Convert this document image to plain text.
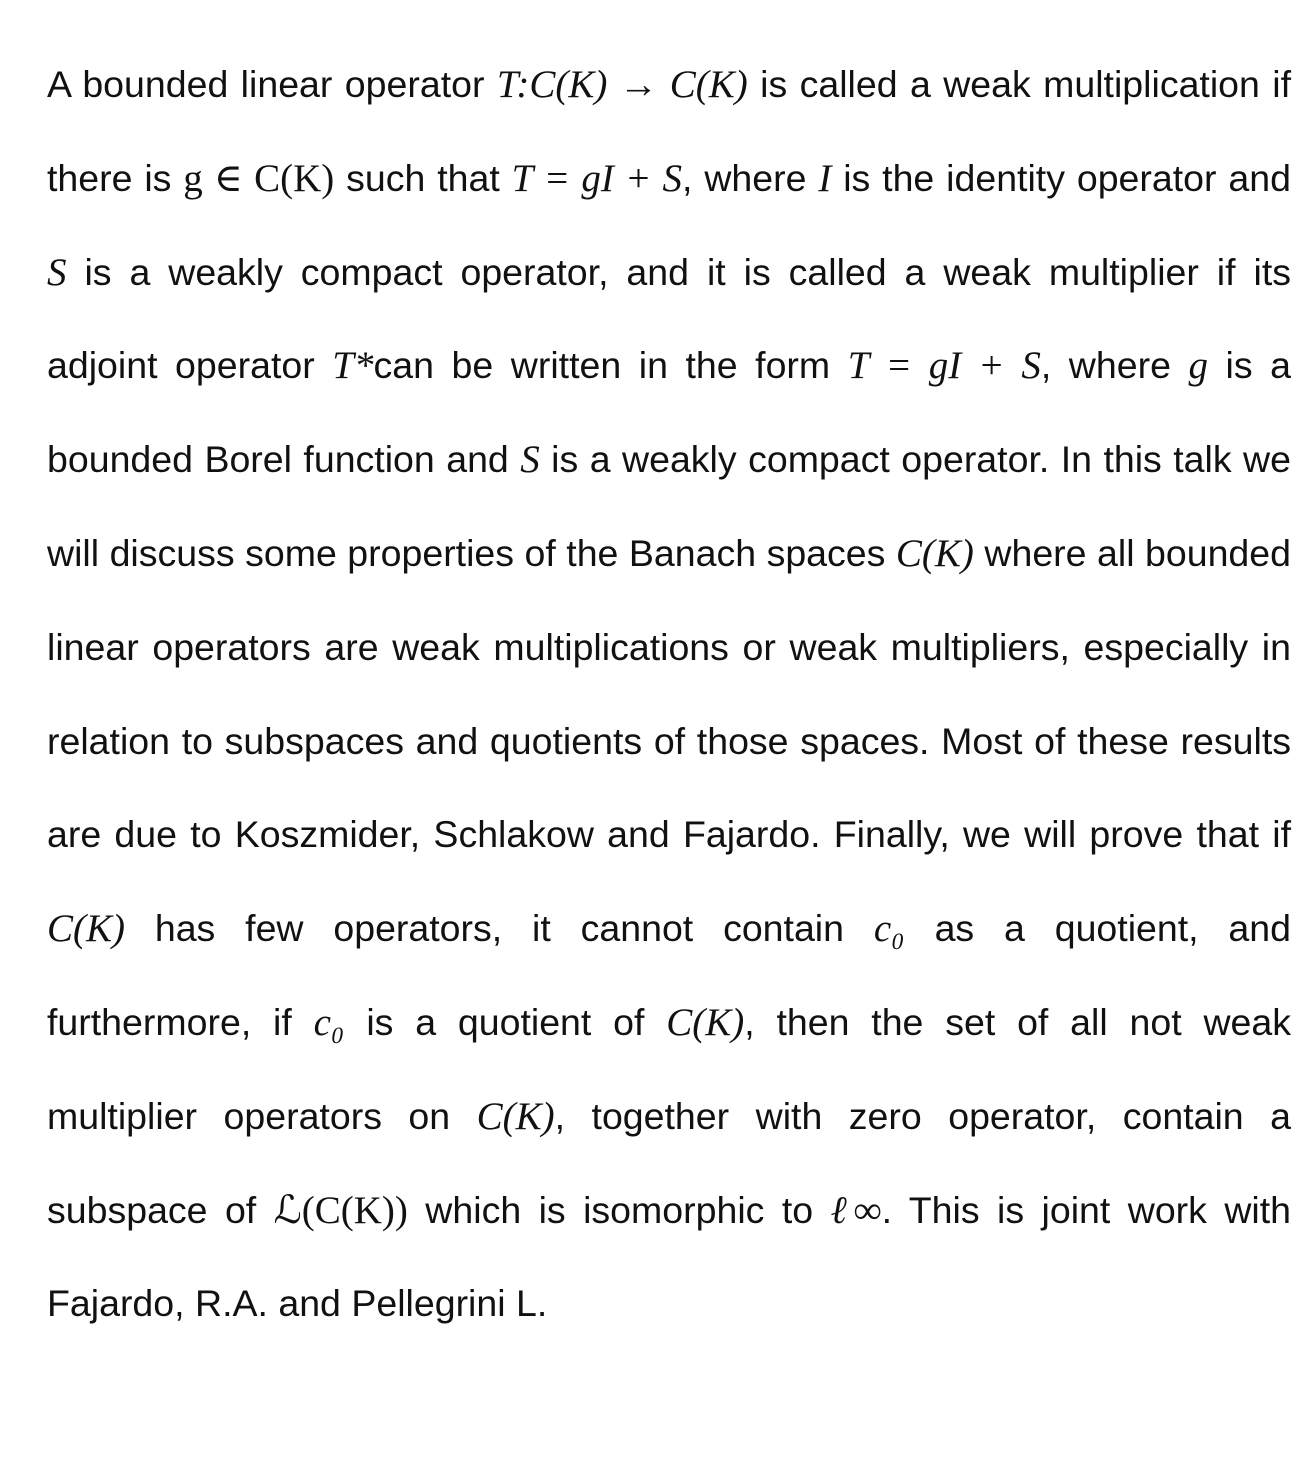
A bounded linear operator T:C(K) → C(K) is called a weak multiplication if there is g ∈ C(K) such that T = gI + S, where I is the identity operator and S is a weakly compact operator, and it is called a weak multiplier if its adjoint operator T*can be written in the form T = gI + S, where g is a bounded Borel function and S is a weakly compact operator. In this talk we will discuss some properties of the Banach spaces C(K) where all bounded linear operators are weak multiplications or weak multipliers, especially in relation to subspaces and quotients of those spaces. Most of these results are due to Koszmider, Schlakow and Fajardo. Finally, we will prove that if C(K) has few operators, it cannot contain c₀ as a quotient, and furthermore, if c₀ is a quotient of C(K), then the set of all not weak multiplier operators on C(K), together with zero operator, contain a subspace of ℒ(C(K)) which is isomorphic to ℓ∞. This is joint work with Fajardo, R.A. and Pellegrini L.
